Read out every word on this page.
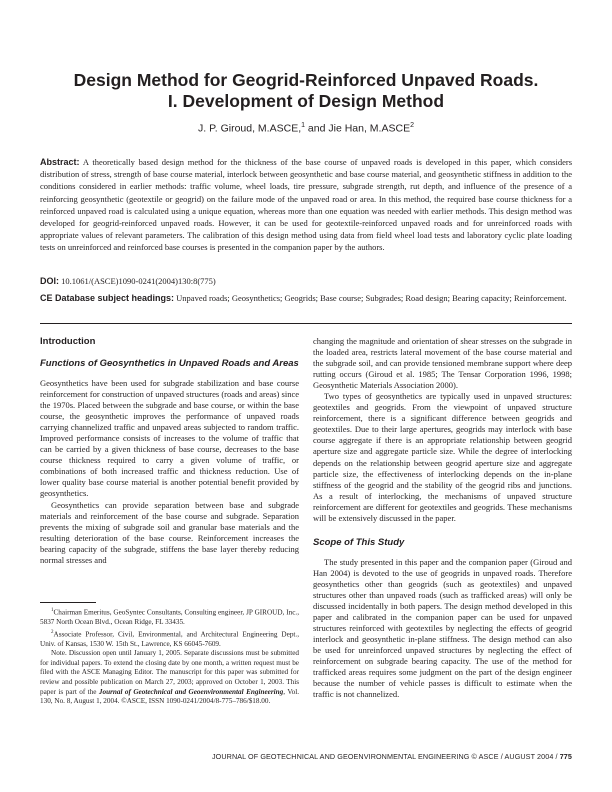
Design Method for Geogrid-Reinforced Unpaved Roads.
I. Development of Design Method
J. P. Giroud, M.ASCE,$^1$ and Jie Han, M.ASCE$^2$
Abstract: A theoretically based design method for the thickness of the base course of unpaved roads is developed in this paper, which considers distribution of stress, strength of base course material, interlock between geosynthetic and base course material, and geosynthetic stiffness in addition to the conditions considered in earlier methods: traffic volume, wheel loads, tire pressure, subgrade strength, rut depth, and influence of the presence of a reinforcing geosynthetic (geotextile or geogrid) on the failure mode of the unpaved road or area. In this method, the required base course thickness for a reinforced unpaved road is calculated using a unique equation, whereas more than one equation was needed with earlier methods. This design method was developed for geogrid-reinforced unpaved roads. However, it can be used for geotextile-reinforced unpaved roads and for unreinforced roads with appropriate values of relevant parameters. The calibration of this design method using data from field wheel load tests and laboratory cyclic plate loading tests on unreinforced and reinforced base courses is presented in the companion paper by the authors.
DOI: 10.1061/(ASCE)1090-0241(2004)130:8(775)
CE Database subject headings: Unpaved roads; Geosynthetics; Geogrids; Base course; Subgrades; Road design; Bearing capacity; Reinforcement.

Introduction

Functions of Geosynthetics in Unpaved Roads and Areas

Geosynthetics have been used for subgrade stabilization and base course reinforcement for construction of unpaved structures (roads and areas) since the 1970s. Placed between the subgrade and base course, or within the base course, the geosynthetic improves the performance of unpaved roads carrying channelized traffic and unpaved areas subjected to random traffic. Improved performance consists of increases to the volume of traffic that can be carried by a given thickness of base course, decreases to the base course thickness required to carry a given volume of traffic, or combinations of both increased traffic and thickness reduction. Use of lower quality base course material is another potential benefit provided by geosynthetics.

Geosynthetics can provide separation between base and subgrade materials and reinforcement of the base course and subgrade. Separation prevents the mixing of subgrade soil and granular base materials and the resulting deterioration of the base course. Reinforcement increases the bearing capacity of the subgrade, stiffens the base layer thereby reducing normal stresses and

$^1$Chairman Emeritus, GeoSyntec Consultants, Consulting engineer, JP GIROUD, Inc., 5837 North Ocean Blvd., Ocean Ridge, FL 33435.

$^2$Associate Professor, Civil, Environmental, and Architectural Engineering Dept., Univ. of Kansas, 1530 W. 15th St., Lawrence, KS 66045-7609.

Note. Discussion open until January 1, 2005. Separate discussions must be submitted for individual papers. To extend the closing date by one month, a written request must be filed with the ASCE Managing Editor. The manuscript for this paper was submitted for review and possible publication on March 27, 2003; approved on October 1, 2003. This paper is part of the Journal of Geotechnical and Geoenvironmental Engineering, Vol. 130, No. 8, August 1, 2004. ©ASCE, ISSN 1090-0241/2004/8-775–786/$18.00.

changing the magnitude and orientation of shear stresses on the subgrade in the loaded area, restricts lateral movement of the base course material and the subgrade soil, and can provide tensioned membrane support where deep rutting occurs (Giroud et al. 1985; The Tensar Corporation 1996, 1998; Geosynthetic Materials Association 2000).

Two types of geosynthetics are typically used in unpaved structures: geotextiles and geogrids. From the viewpoint of unpaved structure reinforcement, there is a significant difference between geogrids and geotextiles. Due to their large apertures, geogrids may interlock with base course aggregate if there is an appropriate relationship between geogrid aperture size and aggregate particle size. While the degree of interlocking depends on the relationship between geogrid aperture size and aggregate particle size, the effectiveness of interlocking depends on the in-plane stiffness of the geogrid and the stability of the geogrid ribs and junctions. As a result of interlocking, the mechanisms of unpaved structure reinforcement are different for geotextiles and geogrids. These mechanisms will be extensively discussed in the paper.

Scope of This Study

The study presented in this paper and the companion paper (Giroud and Han 2004) is devoted to the use of geogrids in unpaved roads. Therefore geosynthetics other than geogrids (such as geotextiles) and unpaved structures other than unpaved roads (such as trafficked areas) will only be discussed incidentally in both papers. The design method developed in this paper and calibrated in the companion paper can be used for unpaved structures reinforced with geotextiles by neglecting the effects of geogrid interlock and geosynthetic in-plane stiffness. The design method can also be used for unreinforced unpaved structures by neglecting the effect of reinforcement on subgrade bearing capacity. The use of the method for trafficked areas requires some judgment on the part of the design engineer because the number of vehicle passes is difficult to estimate when the traffic is not channelized.

JOURNAL OF GEOTECHNICAL AND GEOENVIRONMENTAL ENGINEERING © ASCE / AUGUST 2004 / 775
